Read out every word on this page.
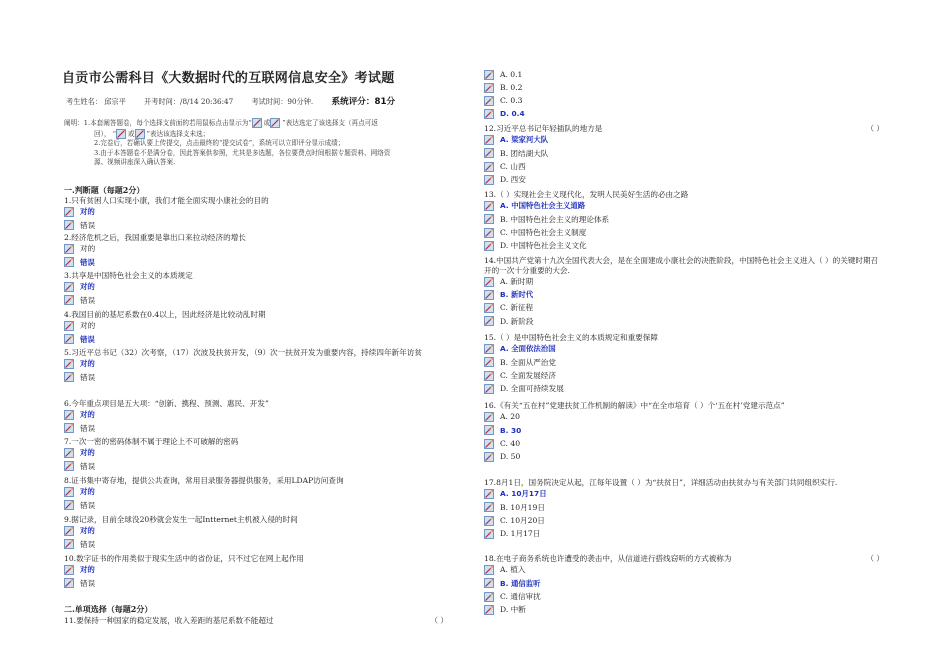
自贡市公需科目《大数据时代的互联网信息安全》考试题
考生姓名： 邱宗平	开考时间：/8/14 20:36:47	考试时间：90分钟. 系统评分：81分
阐明：1.本套阐答题卷，每个选择支前面的若用鼠标点击显示为“ 或 ”表达选定了该选择支（再点可返
回）， “ 或 ”表达该选择支未选；
2.完卷后，若确认要上传提交，点击最终的“提交试卷”，系统可以立即评分显示成绩；
3.由于本答题卷不是满分卷，因此答案供参照，尤其是多选题，各位要费点时间根据专题资料、网络资
源、视频讲座深入确认答案.
一.判断题（每题2分）
1.只有贫困人口实现小康，我们才能全面实现小康社会的目的
对的
错误
2.经济危机之后，我国重要是靠出口来拉动经济的增长
对的
错误
3.共享是中国特色社会主义的本质规定
对的
错误
4.我国目前的基尼系数在0.4以上，因此经济是比较动乱时期
对的
错误
5.习近平总书记（32）次考察，（17）次波及扶贫开发，（9）次一扶贫开发为重要内容，持续四年新年访贫
对的
错误
6.今年重点项目是五大项：“创新、携程、预测、惠民、开发”
对的
错误
7.一次一密的密码体制不属于理论上不可破解的密码
对的
错误
8.证书集中寄存地，提供公共查询，常用目录服务器提供服务，采用LDAP访问查询
对的
错误
9.据记录，目前全球没20秒就会发生一起Intternet主机被入侵的时间
对的
错误
10.数字证书的作用类似于现实生活中的省份证，只不过它在网上起作用
对的
错误
二.单项选择（每题2分）
11.要保持一种国家的稳定发展，收入差距的基尼系数不能超过	（ ）
A. 0.1
B. 0.2
C. 0.3
D. 0.4
12.习近平总书记年轻插队的地方是	（ ）
A. 梁家河大队
B. 团结湖大队
C. 山西
D. 西安
13.（ ）实现社会主义现代化，发明人民美好生活的必由之路
A. 中国特色社会主义道路
B. 中国特色社会主义的理论体系
C. 中国特色社会主义制度
D. 中国特色社会主义文化
14.中国共产党第十九次全国代表大会，是在全面建成小康社会的决胜阶段，中国特色社会主义进入（ ）的关键时期召开的一次十分重要的大会.
A. 新时期
B. 新时代
C. 新征程
D. 新阶段
15.（ ）是中国特色社会主义的本质规定和重要保障
A. 全面依法治国
B. 全面从严治党
C. 全面发展经济
D. 全面可持续发展
16.《有关“五在村”党建扶贫工作机制的解读》中“在全市培育（ ）个‘五在村’党建示范点”
A. 20
B. 30
C. 40
D. 50
17.8月1日，国务院决定从起，江每年设置（ ）为“扶贫日”，详细活动由扶贫办与有关部门共同组织实行.
A. 10月17日
B. 10月19日
C. 10月20日
D. 1月17日
18.在电子商务系统也许遭受的袭击中，从信道进行搭线窃听的方式被称为	（ ）
A. 植入
B. 通信监听
C. 通信审扰
D. 中断
